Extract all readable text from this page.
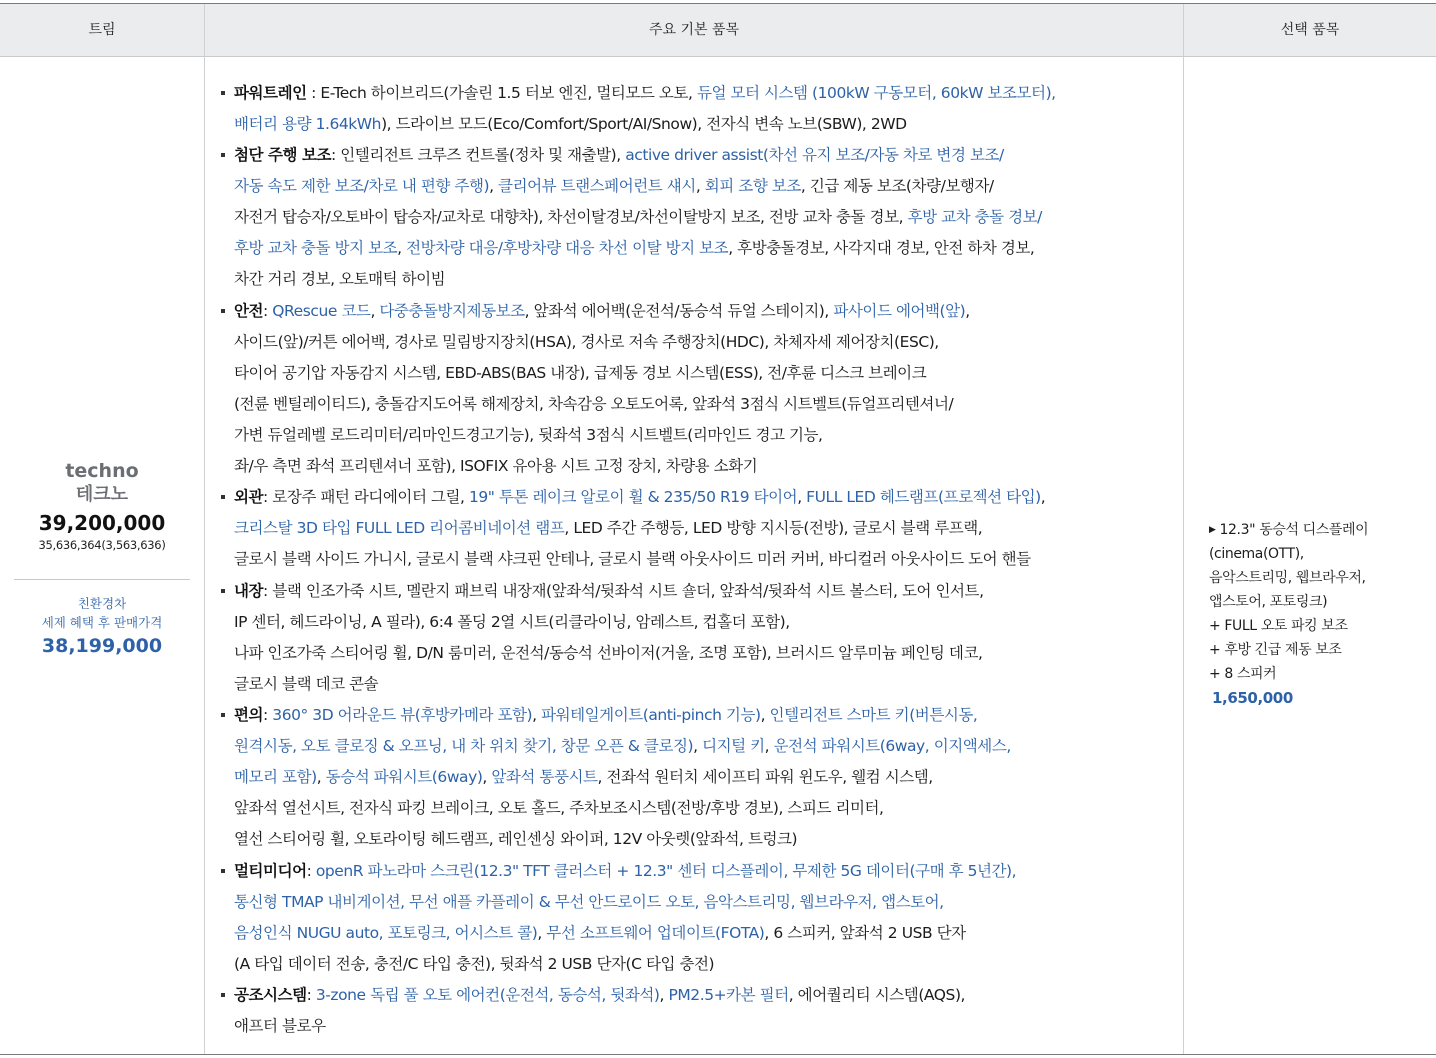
트림	주요 기본 품목	선택 품목
techno
테크노
39,200,000
35,636,364(3,563,636)
친환경차
세제 혜택 후 판매가격
38,199,000
파워트레인 : E-Tech 하이브리드(가솔린 1.5 터보 엔진, 멀티모드 오토, 듀얼 모터 시스템 (100kW 구동모터, 60kW 보조모터),
배터리 용량 1.64kWh), 드라이브 모드(Eco/Comfort/Sport/AI/Snow), 전자식 변속 노브(SBW), 2WD
첨단 주행 보조: 인텔리전트 크루즈 컨트롤(정차 및 재출발), active driver assist(차선 유지 보조/자동 차로 변경 보조/
자동 속도 제한 보조/차로 내 편향 주행), 클리어뷰 트랜스페어런트 섀시, 회피 조향 보조, 긴급 제동 보조(차량/보행자/
자전거 탑승자/오토바이 탑승자/교차로 대향차), 차선이탈경보/차선이탈방지 보조, 전방 교차 충돌 경보, 후방 교차 충돌 경보/
후방 교차 충돌 방지 보조, 전방차량 대응/후방차량 대응 차선 이탈 방지 보조, 후방충돌경보, 사각지대 경보, 안전 하차 경보,
차간 거리 경보, 오토매틱 하이빔
안전: QRescue 코드, 다중충돌방지제동보조, 앞좌석 에어백(운전석/동승석 듀얼 스테이지), 파사이드 에어백(앞),
사이드(앞)/커튼 에어백, 경사로 밀림방지장치(HSA), 경사로 저속 주행장치(HDC), 차체자세 제어장치(ESC),
타이어 공기압 자동감지 시스템, EBD-ABS(BAS 내장), 급제동 경보 시스템(ESS), 전/후륜 디스크 브레이크
(전륜 벤틸레이티드), 충돌감지도어록 해제장치, 차속감응 오토도어록, 앞좌석 3점식 시트벨트(듀얼프리텐셔너/
가변 듀얼레벨 로드리미터/리마인드경고기능), 뒷좌석 3점식 시트벨트(리마인드 경고 기능,
좌/우 측면 좌석 프리텐셔너 포함), ISOFIX 유아용 시트 고정 장치, 차량용 소화기
외관: 로장주 패턴 라디에이터 그릴, 19" 투톤 레이크 알로이 휠 & 235/50 R19 타이어, FULL LED 헤드램프(프로젝션 타입),
크리스탈 3D 타입 FULL LED 리어콤비네이션 램프, LED 주간 주행등, LED 방향 지시등(전방), 글로시 블랙 루프랙,
글로시 블랙 사이드 가니시, 글로시 블랙 샤크핀 안테나, 글로시 블랙 아웃사이드 미러 커버, 바디컬러 아웃사이드 도어 핸들
내장: 블랙 인조가죽 시트, 멜란지 패브릭 내장재(앞좌석/뒷좌석 시트 숄더, 앞좌석/뒷좌석 시트 볼스터, 도어 인서트,
IP 센터, 헤드라이닝, A 필라), 6:4 폴딩 2열 시트(리클라이닝, 암레스트, 컵홀더 포함),
나파 인조가죽 스티어링 휠, D/N 룸미러, 운전석/동승석 선바이저(거울, 조명 포함), 브러시드 알루미늄 페인팅 데코,
글로시 블랙 데코 콘솔
편의: 360° 3D 어라운드 뷰(후방카메라 포함), 파워테일게이트(anti-pinch 기능), 인텔리전트 스마트 키(버튼시동,
원격시동, 오토 클로징 & 오프닝, 내 차 위치 찾기, 창문 오픈 & 클로징), 디지털 키, 운전석 파워시트(6way, 이지액세스,
메모리 포함), 동승석 파워시트(6way), 앞좌석 통풍시트, 전좌석 원터치 세이프티 파워 윈도우, 웰컴 시스템,
앞좌석 열선시트, 전자식 파킹 브레이크, 오토 홀드, 주차보조시스템(전방/후방 경보), 스피드 리미터,
열선 스티어링 휠, 오토라이팅 헤드램프, 레인센싱 와이퍼, 12V 아웃렛(앞좌석, 트렁크)
멀티미디어: openR 파노라마 스크린(12.3" TFT 클러스터 + 12.3" 센터 디스플레이, 무제한 5G 데이터(구매 후 5년간),
통신형 TMAP 내비게이션, 무선 애플 카플레이 & 무선 안드로이드 오토, 음악스트리밍, 웹브라우저, 앱스토어,
음성인식 NUGU auto, 포토링크, 어시스트 콜), 무선 소프트웨어 업데이트(FOTA), 6 스피커, 앞좌석 2 USB 단자
(A 타입 데이터 전송, 충전/C 타입 충전), 뒷좌석 2 USB 단자(C 타입 충전)
공조시스템: 3-zone 독립 풀 오토 에어컨(운전석, 동승석, 뒷좌석), PM2.5+카본 필터, 에어퀄리티 시스템(AQS),
애프터 블로우
▶ 12.3" 동승석 디스플레이
(cinema(OTT),
음악스트리밍, 웹브라우저,
앱스토어, 포토링크)
+ FULL 오토 파킹 보조
+ 후방 긴급 제동 보조
+ 8 스피커
1,650,000
